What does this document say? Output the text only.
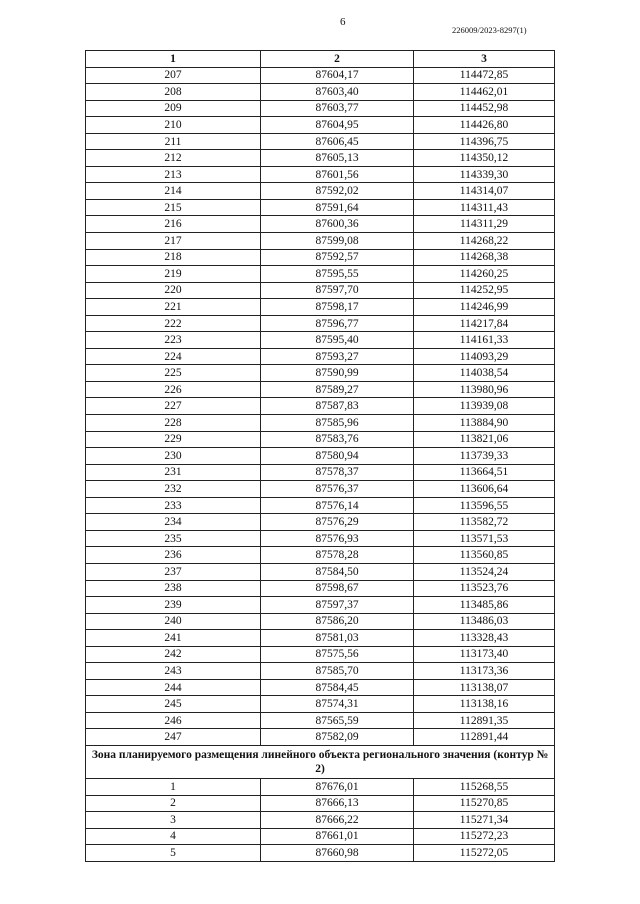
6
226009/2023-8297(1)
1	2	3
207	87604,17	114472,85
208	87603,40	114462,01
209	87603,77	114452,98
210	87604,95	114426,80
211	87606,45	114396,75
212	87605,13	114350,12
213	87601,56	114339,30
214	87592,02	114314,07
215	87591,64	114311,43
216	87600,36	114311,29
217	87599,08	114268,22
218	87592,57	114268,38
219	87595,55	114260,25
220	87597,70	114252,95
221	87598,17	114246,99
222	87596,77	114217,84
223	87595,40	114161,33
224	87593,27	114093,29
225	87590,99	114038,54
226	87589,27	113980,96
227	87587,83	113939,08
228	87585,96	113884,90
229	87583,76	113821,06
230	87580,94	113739,33
231	87578,37	113664,51
232	87576,37	113606,64
233	87576,14	113596,55
234	87576,29	113582,72
235	87576,93	113571,53
236	87578,28	113560,85
237	87584,50	113524,24
238	87598,67	113523,76
239	87597,37	113485,86
240	87586,20	113486,03
241	87581,03	113328,43
242	87575,56	113173,40
243	87585,70	113173,36
244	87584,45	113138,07
245	87574,31	113138,16
246	87565,59	112891,35
247	87582,09	112891,44
Зона планируемого размещения линейного объекта регионального значения (контур № 2)		
1	87676,01	115268,55
2	87666,13	115270,85
3	87666,22	115271,34
4	87661,01	115272,23
5	87660,98	115272,05
